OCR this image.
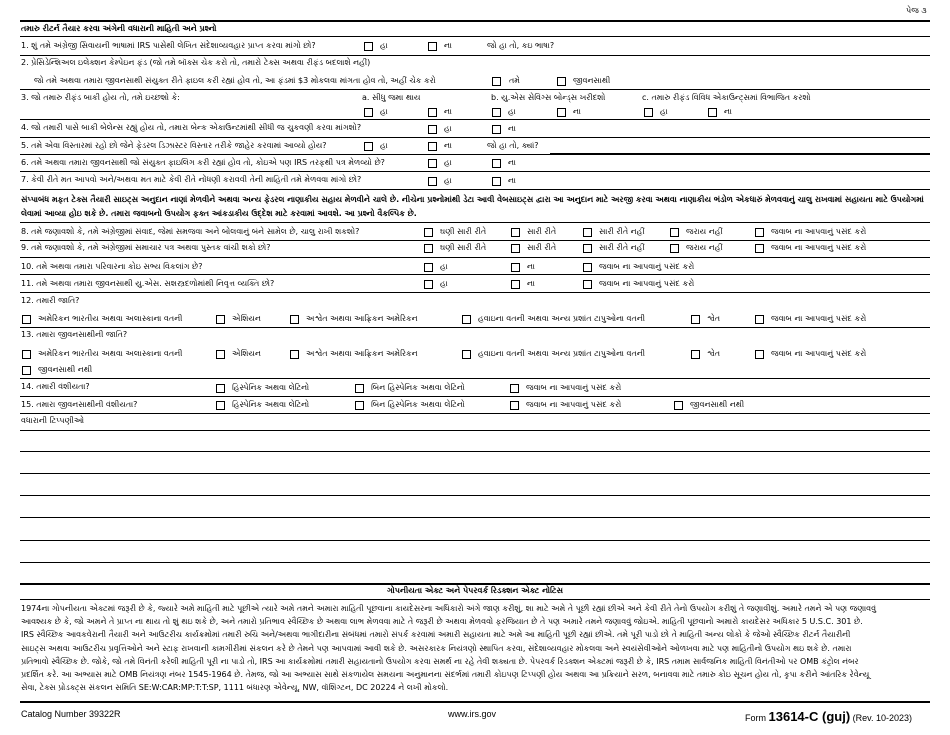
પેજ ૩
તમારુ રીટર્ન તૈયાર કરવા અંગેની વધારાની માહિતી અને પ્રશ્નો
1. શું તમે અંગ્રેજી સિવાયની ભાષામાં IRS પાસેથી લેખિત સંદેશાવ્યવહાર પ્રાપ્ત કરવા માંગો છો?	હા	ના	જો હા તો, કઇ ભાષા?
2. પ્રેસિડેન્શિઅલ ઇલેક્શન કેમ્પેઇન ફંડ (જો તમે બૉક્સ ચેક કરો તો, તમારો ટેક્સ અથવા રીફંડ બદલાશે નહીં)
જો તમે અથવા તમારા જીવનસાથી સંયુક્ત રીતે ફાઇલ કરી રહ્યાં હોવ તો, આ ફંડમાં $3 મોકલવા માંગતા હોવ તો, અહીં ચેક કરો	તમે	જીવનસાથી
3. જો તમારુ રીફંડ બાકી હોય તો, તમે ઇચ્છશો કે:	a. સીધુ જમા થાય	b. યુ.એસ સેવિંગ્સ બોન્ડ્સ ખરીદશો	c. તમારુ રીફંડ વિવિધ એકાઉન્ટ્સમાં વિભાજિત કરશો
હા	ના	હા	ના	હા	ના
4. જો તમારી પાસે બાકી બેલેન્સ રહ્યું હોય તો, તમારા બેન્ક એકાઉન્ટમાંથી સીધી જ ચુકવણી કરવા માંગશો?	હા	ના
5. તમે એવા વિસ્તારમાં રહો છો જેને ફેડરલ ડિઝાસ્ટર વિસ્તાર તરીકે જાહેર કરવામાં આવ્યો હોય?	હા	ના	જો હા તો, ક્યાં?
6. તમે અથવા તમારા જીવનસાથી જો સંયુક્ત ફાઇલિંગ કરી રહ્યાં હોવ તો, કોઇએ પણ IRS તરફથી પત્ર મેળવ્યો છે?	હા	ના
7. કેવી રીતે મત આપવો અને/અથવા મત માટે કેવી રીતે નોંધણી કરાવવી તેની માહિતી તમે મેળવવા માંગો છો?	હા	ના
સંપ્પાબંધ મફત ટેક્સ તૈયારી સાઇટ્સ અનુદાન નાણાં મેળવીને અથવા અન્ય ફેડરલ નાણાકીય સહાય મેળવીને ચાલે છે. નીચેના પ્રશ્નોમાંથી ડેટા આવી વેબસાઇટ્સ દ્વારા આ અનુદાન માટે અરજી કરવા અથવા નાણાકીય ભંડોળ એકધારું મેળવવાનું ચાલુ રાખવામાં સહાયતા માટે ઉપયોગમાં લેવામાં આવ્યા હોઇ શકે છે. તમારા જવાબનો ઉપયોગ ફક્ત આંકડાકીય ઉદ્દેશ માટે કરવામાં આવશે. આ પ્રશ્નો વૈકલ્પિક છે.
8. તમે જણાવશો કે, તમે અંગ્રેજીમાં સંવાદ, જેમાં સમજવા અને બોલવાનું બંને સામેલ છે, ચાલુ રાખી શકશો?	ઘણી સારી રીતે	સારી રીતે	સારી રીતે નહીં	જરાય નહીં	જવાબ ના આપવાનું પસંદ કરો
9. તમે જણાવશો કે, તમે અંગ્રેજીમાં સમાચાર પત્ર અથવા પુસ્તક વાંચી શકો છો?	ઘણી સારી રીતે	સારી રીતે	સારી રીતે નહીં	જરાય નહીં	જવાબ ના આપવાનું પસંદ કરો
10. તમે અથવા તમારા પરિવારના કોઇ સભ્ય વિકલાંગ છે?	હા	ના	જવાબ ના આપવાનું પસંદ કરો
11. તમે અથવા તમારા જીવનસાથી યુ.એસ. સશસ્ત્રદળોમાંથી નિવૃત્ત વ્યક્તિ છો?	હા	ના	જવાબ ના આપવાનું પસંદ કરો
12. તમારી જાતિ?
અમેરિકન ભારતીય અથવા અલાસ્કાના વતની	એશિયન	અશ્વેત અથવા આફ્રિકન અમેરિકન	હવાઇના વતની અથવા અન્ય પ્રશાંત ટાપુઓના વતની	શ્વેત	જવાબ ના આપવાનું પસંદ કરો
13. તમારા જીવનસાથીની જાતિ?
અમેરિકન ભારતીય અથવા અલાસ્કાના વતની	એશિયન	અશ્વેત અથવા આફ્રિકન અમેરિકન	હવાઇના વતની અથવા અન્ય પ્રશાંત ટાપુઓના વતની	શ્વેત	જવાબ ના આપવાનું પસંદ કરો
જીવનસાથી નથી
14. તમારી વંશીયતા?	હિસ્પેનિક અથવા લેટિનો	બિન હિસ્પેનિક અથવા લેટિનો	જવાબ ના આપવાનું પસંદ કરો
15. તમારા જીવનસાથીની વંશીયતા?	હિસ્પેનિક અથવા લેટિનો	બિન હિસ્પેનિક અથવા લેટિનો	જવાબ ના આપવાનું પસંદ કરો	જીવનસાથી નથી
વધારાની ટિપ્પણીઓ
ગોપનીયતા એક્ટ અને પેપરવર્ક રિડક્શન એક્ટ નોટિસ
1974ના ગોપનીયતા એક્ટમાં જરૂરી છે કે, જ્યારે અમે માહિતી માટે પૂછીએ ત્યારે અમે તમને અમારા માહિતી પૂછવાના કાયદેસરના અધિકારો અંગે જાણ કરીશું, શા માટે અમે તે પૂછી રહ્યાં છીએ અને કેવી રીતે તેનો ઉપયોગ કરીશું તે જણાવીશું. અમારે તમને એ પણ જણાવવું
આવશ્યક છે કે, જો અમને તે પ્રાપ્ત ના થાય તો શું થઇ શકે છે, અને તમારો પ્રતિભાવ સ્વૈચ્છિક છે અથવા લાભ મેળવવા માટે તે જરૂરી છે અથવા મેળવવો ફરજિયાત છે તે પણ અમારે તમને જણાવવું જોઇએ. માહિતી પૂછવાનો અમારો કાયદેસર અધિકાર 5 U.S.C. 301 છે.
IRS સ્વૈચ્છિક આવકવેરાની તૈયારી અને આઉટરીચ કાર્યક્રમોમાં તમારી રુચિ અને/અથવા ભાગીદારીના સંબંધમાં તમારો સંપર્ક કરવામાં અમારી સહાયતા માટે અમે આ માહિતી પૂછી રહ્યાં છીએ. તમે પૂરી પાડો છો તે માહિતી અન્ય લોકો કે જેઓ સ્વૈચ્છિક રીટર્ન તૈયારીની
સાઇટ્સ અથવા આઉટરીચ પ્રવૃત્તિઓને અને સ્ટાફ રાખવાની કામગીરીમાં સંકલન કરે છે તેમને પણ આપવામાં આવી શકે છે. અસરકારક નિયંત્રણો સ્થાપિત કરવા, સંદેશાવ્યવહાર મોકલવા અને સ્વયંસેવીઓને ઓળખવા માટે પણ માહિતીનો ઉપયોગ થઇ શકે છે. તમારા
પ્રતિભાવો સ્વૈચ્છિક છે. જોકે, જો તમે વિનંતી કરેલી માહિતી પૂરી ના પાડો તો, IRS આ કાર્યક્રમોમાં તમારી સહાયતાનો ઉપયોગ કરવા સમર્થ ના રહે તેવી શક્યતા છે. પેપરવર્ક રિડક્શન એક્ટમાં જરૂરી છે કે, IRS તમામ સાર્વજનિક માહિતી વિનંતીઓ પર OMB કંટ્રોલ નંબર
પ્રદર્શિત કરે. આ અભ્યાસ માટે OMB નિયંત્રણ નંબર 1545-1964 છે. તેમજ, જો આ અભ્યાસ સાથે સંકળાયેલ સમયના અનુમાનના સંદર્ભમાં તમારી કોઇપણ ટિપ્પણી હોય અથવા આ પ્રક્રિયાને સરળ, બનાવવા માટે તમારુ કોઇ સૂચન હોય તો, કૃપા કરીને આંતરિક રેવેન્યૂ
સેવા, ટેક્સ પ્રોડક્ટ્સ સંકલન સમિતિ SE:W:CAR:MP:T:T:SP, 1111 બંધારણ એવેન્યૂ, NW, વૉશિંગ્ટન, DC 20224 ને લખી મોકલો.
Catalog Number 39322R	www.irs.gov	Form 13614-C (guj) (Rev. 10-2023)
